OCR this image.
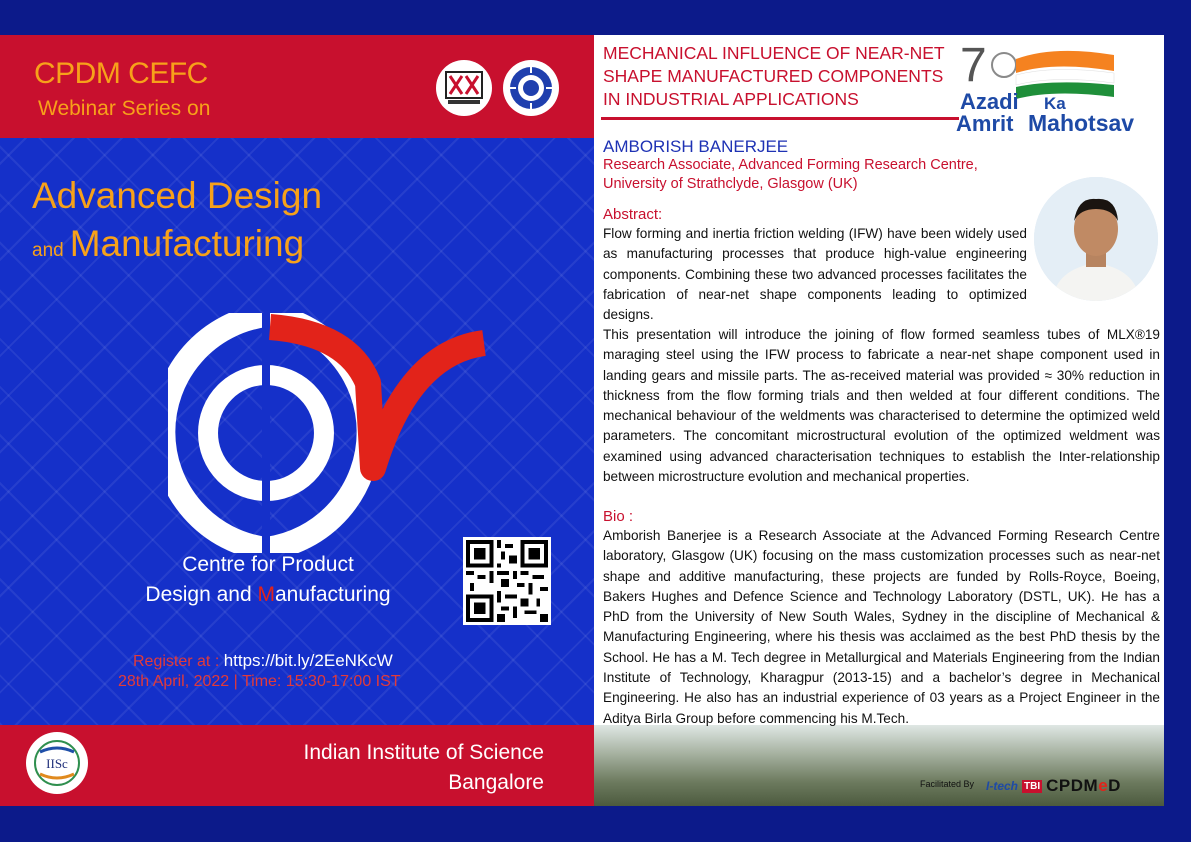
CPDM CEFC
Webinar Series on
Advanced Design
and Manufacturing
Centre for Product
Design and Manufacturing
Register at : https://bit.ly/2EeNKcW
28th April, 2022 | Time: 15:30-17:00 IST
IISc	Indian Institute of Science
Bangalore
MECHANICAL INFLUENCE OF NEAR-NET SHAPE MANUFACTURED COMPONENTS IN INDUSTRIAL APPLICATIONS
7
Azadi Ka
Amrit Mahotsav
AMBORISH BANERJEE
Research Associate, Advanced Forming Research Centre,
University of Strathclyde, Glasgow (UK)
Abstract:
Flow forming and inertia friction welding (IFW) have been widely used as manufacturing processes that produce high-value engineering components. Combining these two advanced processes facilitates the fabrication of near-net shape components leading to optimized designs.
This presentation will introduce the joining of flow formed seamless tubes of MLX®19 maraging steel using the IFW process to fabricate a near-net shape component used in landing gears and missile parts. The as-received material was provided ≈ 30% reduction in thickness from the flow forming trials and then welded at four different conditions. The mechanical behaviour of the weldments was characterised to determine the optimized weld parameters. The concomitant microstructural evolution of the optimized weldment was examined using advanced characterisation techniques to establish the Inter-relationship between microstructure evolution and mechanical properties.
Bio :
Amborish Banerjee is a Research Associate at the Advanced Forming Research Centre laboratory, Glasgow (UK) focusing on the mass customization processes such as near-net shape and additive manufacturing, these projects are funded by Rolls-Royce, Boeing, Bakers Hughes and Defence Science and Technology Laboratory (DSTL, UK). He has a PhD from the University of New South Wales, Sydney in the discipline of Mechanical & Manufacturing Engineering, where his thesis was acclaimed as the best PhD thesis by the School. He has a M. Tech degree in Metallurgical and Materials Engineering from the Indian Institute of Technology, Kharagpur (2013-15) and a bachelor’s degree in Mechanical Engineering. He also has an industrial experience of 03 years as a Project Engineer in the Aditya Birla Group before commencing his M.Tech.
Facilitated By I-tech TBI CPDMeD
